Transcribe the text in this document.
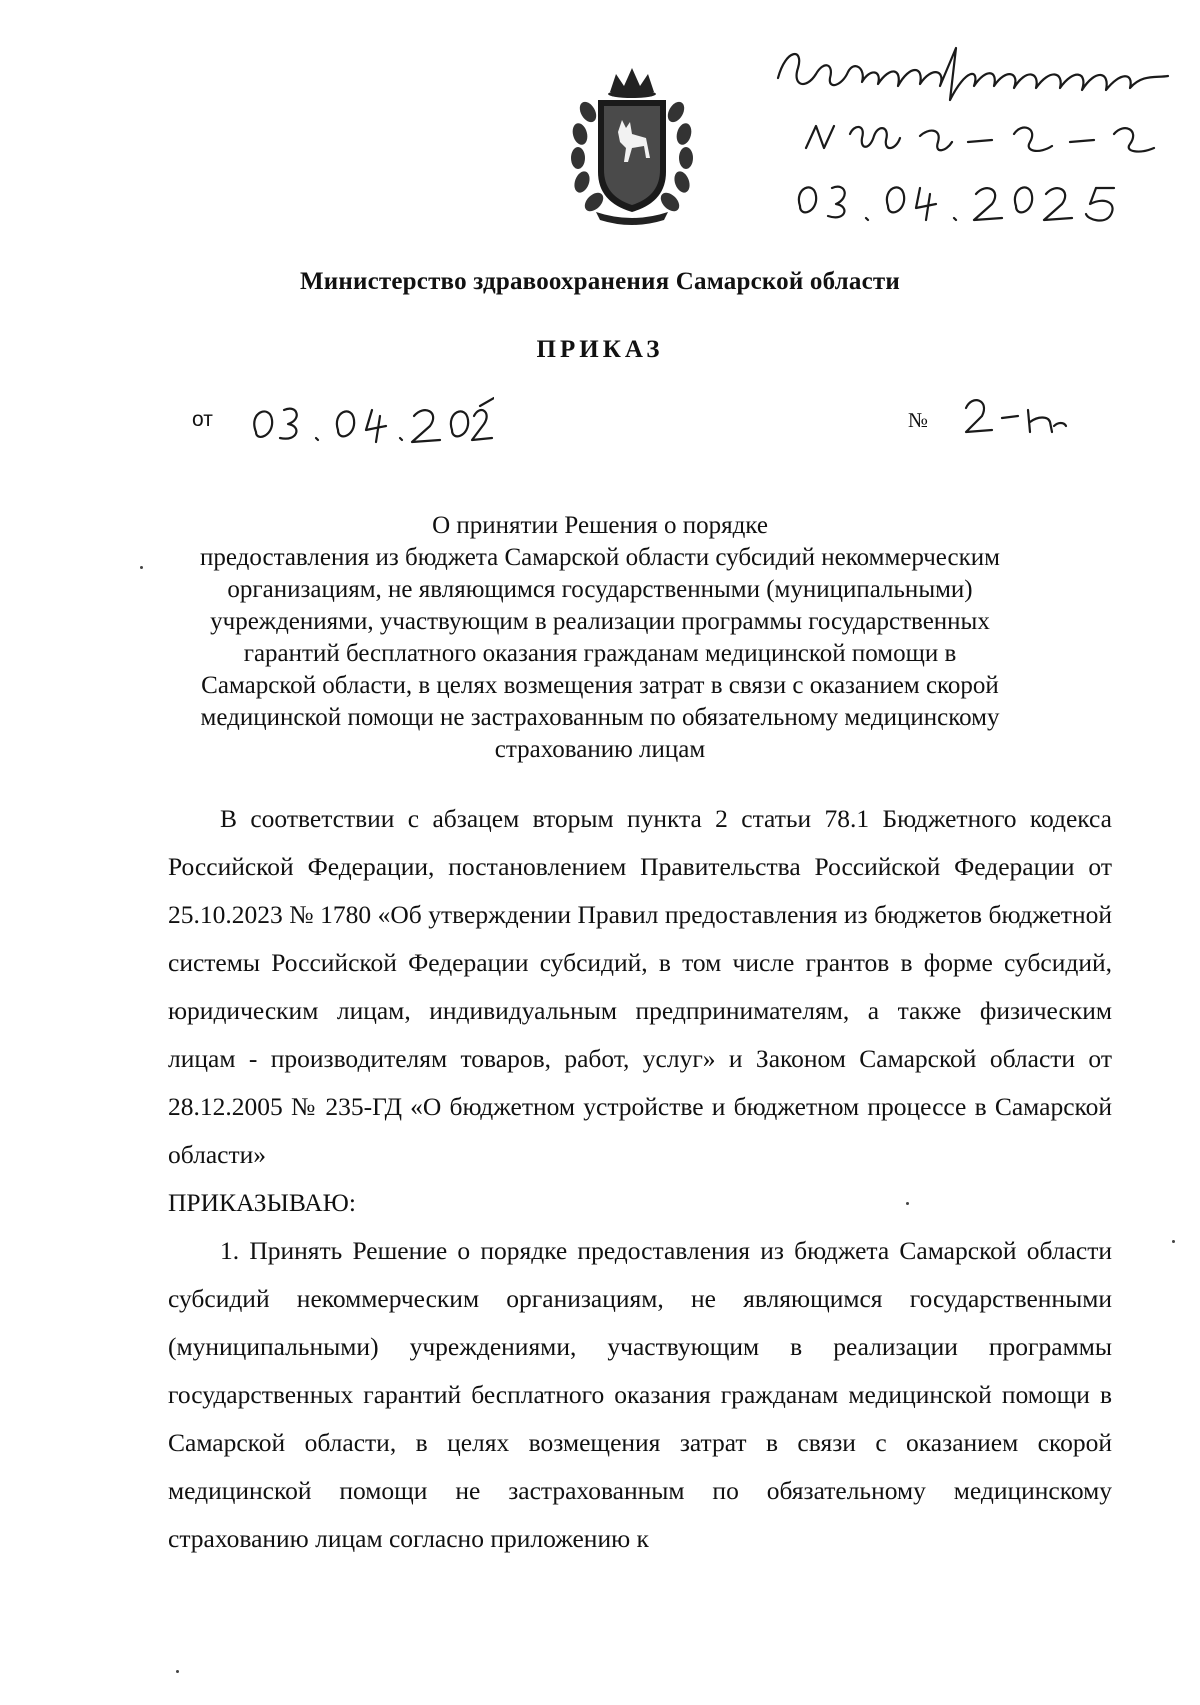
Министерство здравоохранения Самарской области
ПРИКАЗ
от	№
О принятии Решения о порядке
предоставления из бюджета Самарской области субсидий некоммерческим
организациям, не являющимся государственными (муниципальными)
учреждениями, участвующим в реализации программы государственных
гарантий бесплатного оказания гражданам медицинской помощи в
Самарской области, в целях возмещения затрат в связи с оказанием скорой
медицинской помощи не застрахованным по обязательному медицинскому
страхованию лицам

В соответствии с абзацем вторым пункта 2 статьи 78.1 Бюджетного кодекса Российской Федерации, постановлением Правительства Российской Федерации от 25.10.2023 № 1780 «Об утверждении Правил предоставления из бюджетов бюджетной системы Российской Федерации субсидий, в том числе грантов в форме субсидий, юридическим лицам, индивидуальным предпринимателям, а также физическим лицам - производителям товаров, работ, услуг» и Законом Самарской области от 28.12.2005 № 235-ГД «О бюджетном устройстве и бюджетном процессе в Самарской области»

ПРИКАЗЫВАЮ:

1. Принять Решение о порядке предоставления из бюджета Самарской области субсидий некоммерческим организациям, не являющимся государственными (муниципальными) учреждениями, участвующим в реализации программы государственных гарантий бесплатного оказания гражданам медицинской помощи в Самарской области, в целях возмещения затрат в связи с оказанием скорой медицинской помощи не застрахованным по обязательному медицинскому страхованию лицам согласно приложению к
